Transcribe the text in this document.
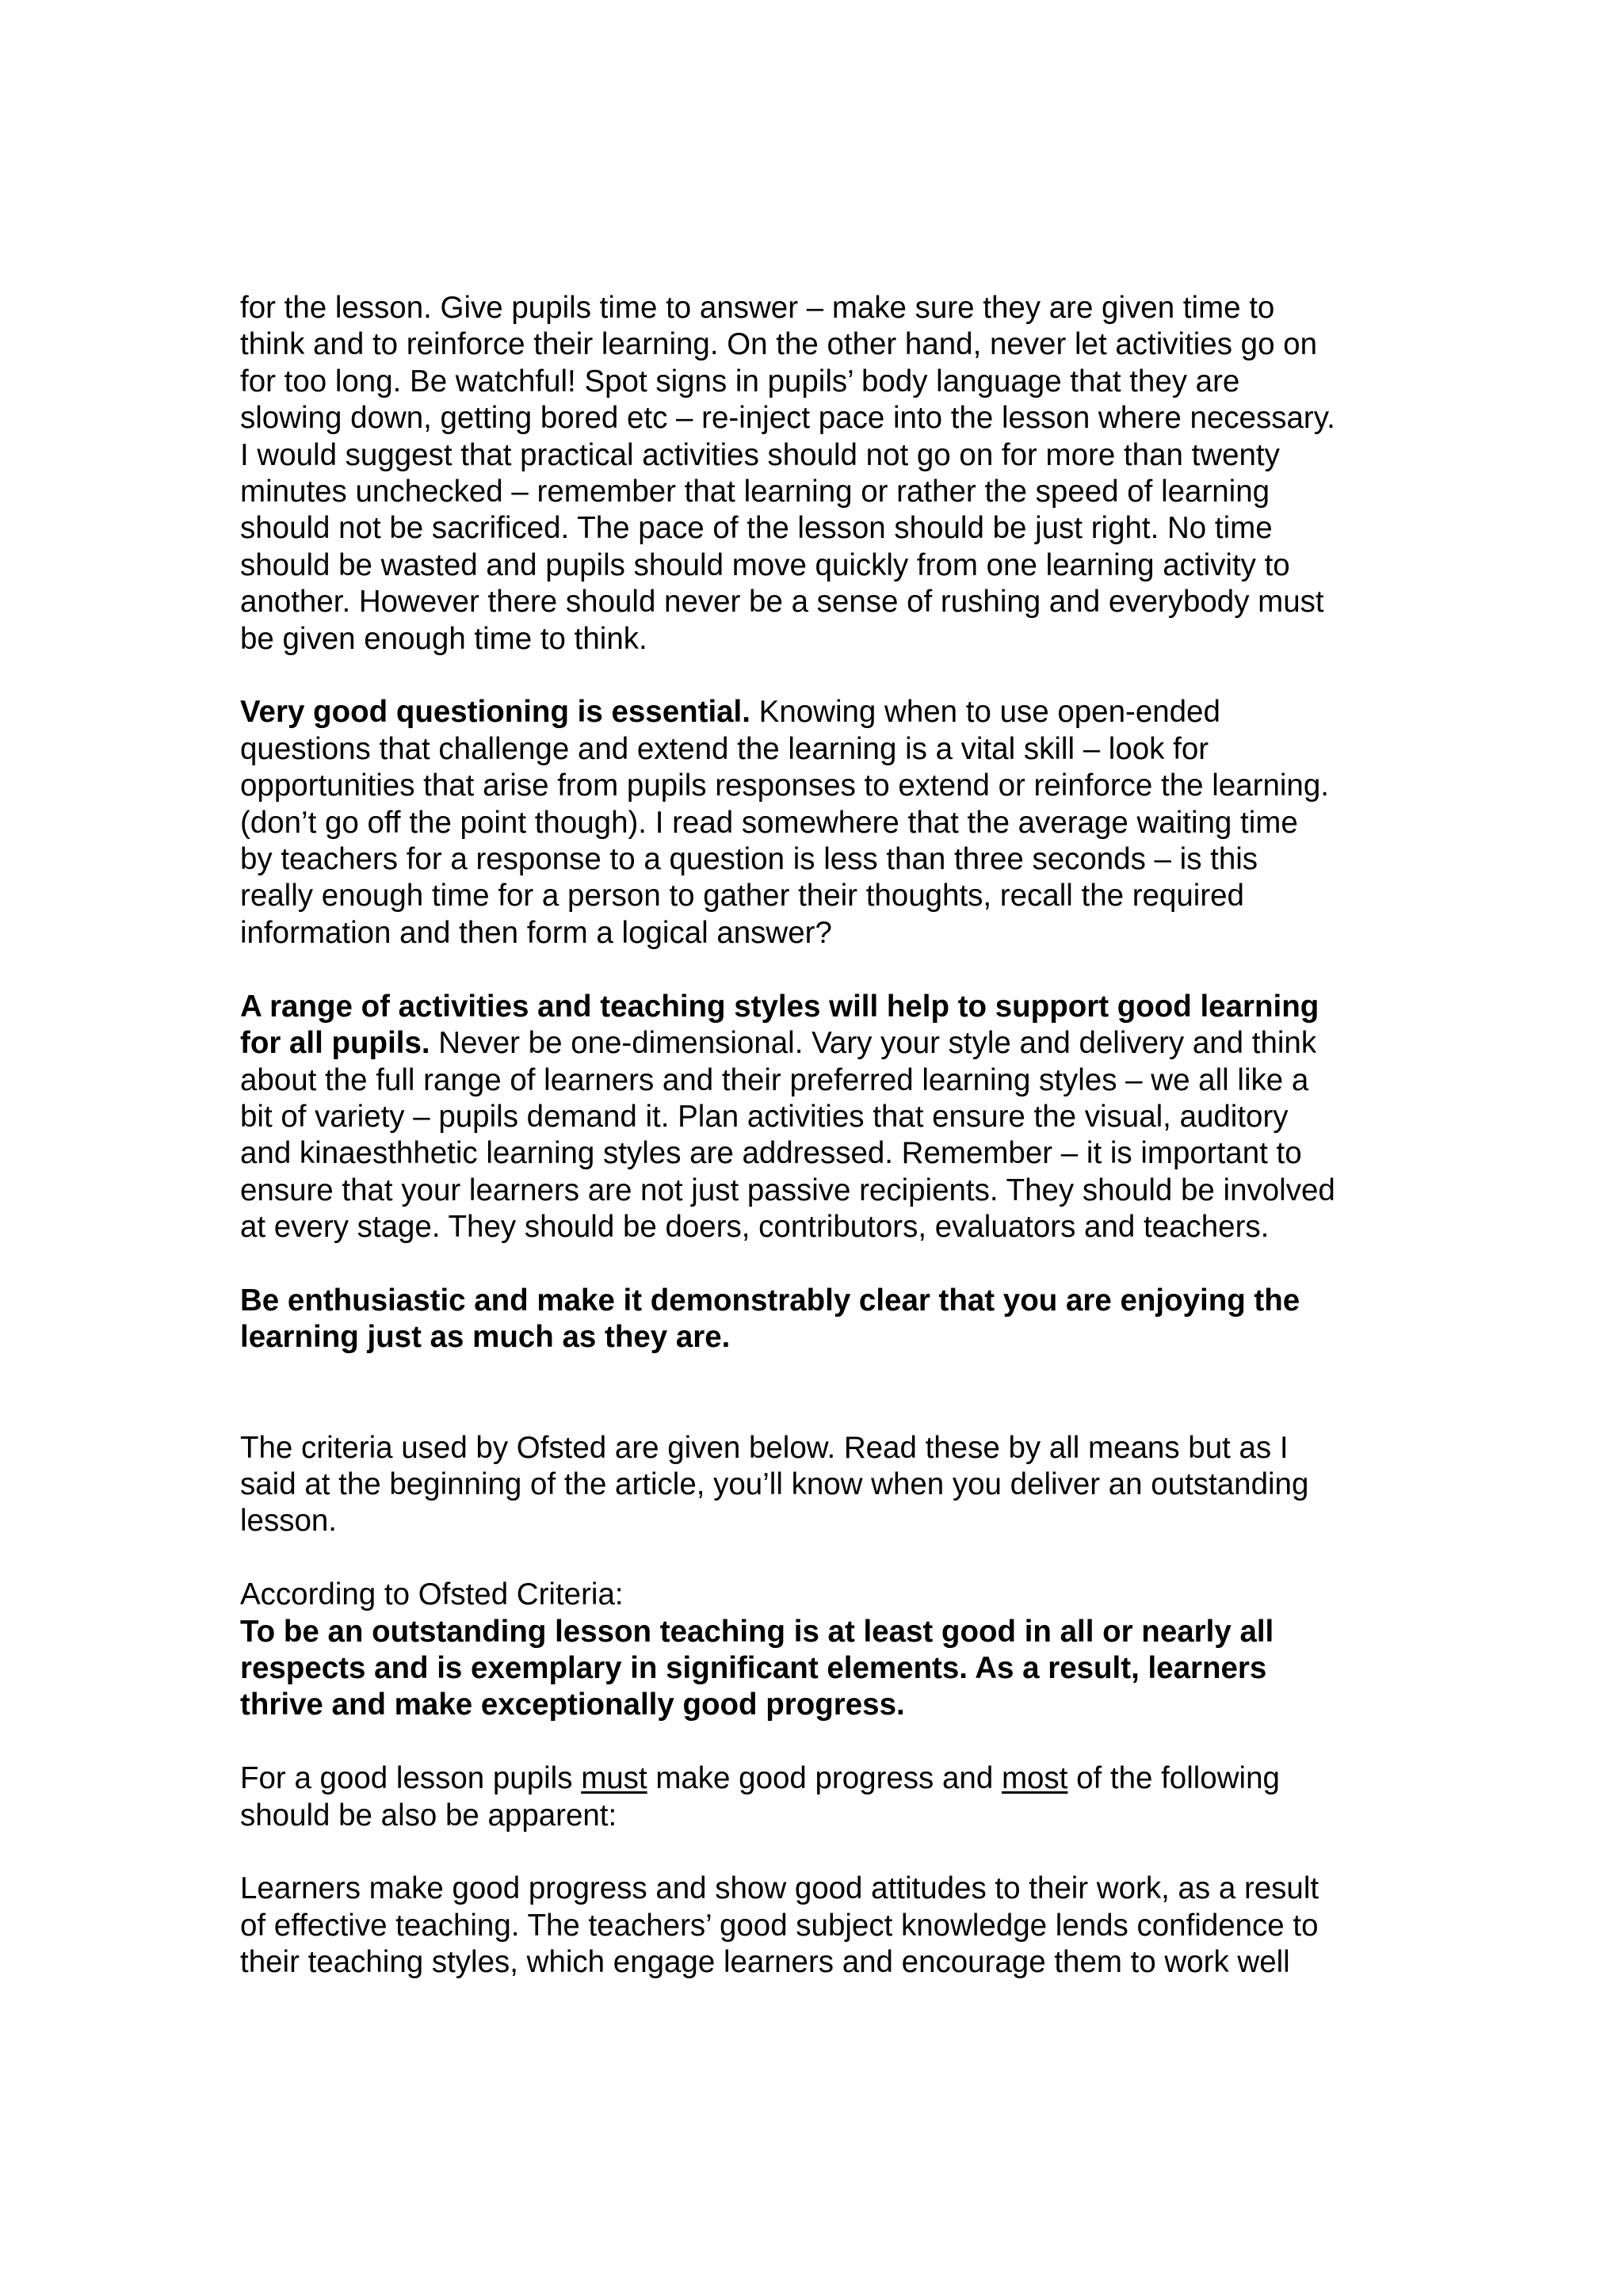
for the lesson. Give pupils time to answer – make sure they are given time to
think and to reinforce their learning. On the other hand, never let activities go on
for too long. Be watchful! Spot signs in pupils’ body language that they are
slowing down, getting bored etc – re-inject pace into the lesson where necessary.
I would suggest that practical activities should not go on for more than twenty
minutes unchecked – remember that learning or rather the speed of learning
should not be sacrificed. The pace of the lesson should be just right. No time
should be wasted and pupils should move quickly from one learning activity to
another. However there should never be a sense of rushing and everybody must
be given enough time to think.
Very good questioning is essential. Knowing when to use open-ended
questions that challenge and extend the learning is a vital skill – look for
opportunities that arise from pupils responses to extend or reinforce the learning.
(don’t go off the point though). I read somewhere that the average waiting time
by teachers for a response to a question is less than three seconds – is this
really enough time for a person to gather their thoughts, recall the required
information and then form a logical answer?
A range of activities and teaching styles will help to support good learning
for all pupils. Never be one-dimensional. Vary your style and delivery and think
about the full range of learners and their preferred learning styles – we all like a
bit of variety – pupils demand it. Plan activities that ensure the visual, auditory
and kinaesthhetic learning styles are addressed. Remember – it is important to
ensure that your learners are not just passive recipients. They should be involved
at every stage. They should be doers, contributors, evaluators and teachers.
Be enthusiastic and make it demonstrably clear that you are enjoying the
learning just as much as they are.
The criteria used by Ofsted are given below. Read these by all means but as I
said at the beginning of the article, you’ll know when you deliver an outstanding
lesson.
According to Ofsted Criteria:
To be an outstanding lesson teaching is at least good in all or nearly all
respects and is exemplary in significant elements. As a result, learners
thrive and make exceptionally good progress.
For a good lesson pupils must make good progress and most of the following
should be also be apparent:
Learners make good progress and show good attitudes to their work, as a result
of effective teaching. The teachers’ good subject knowledge lends confidence to
their teaching styles, which engage learners and encourage them to work well
